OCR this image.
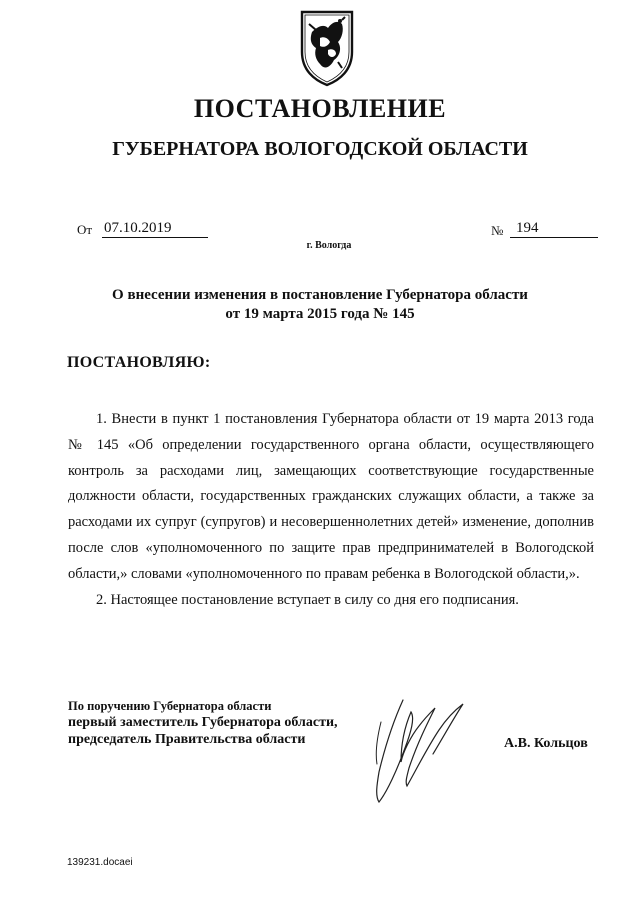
ПОСТАНОВЛЕНИЕ
ГУБЕРНАТОРА ВОЛОГОДСКОЙ ОБЛАСТИ
От 07.10.2019	№ 194
г. Вологда
О внесении изменения в постановление Губернатора области
от 19 марта 2015 года № 145
ПОСТАНОВЛЯЮ:

1. Внести в пункт 1 постановления Губернатора области от 19 марта 2013 года № 145 «Об определении государственного органа области, осуществляющего контроль за расходами лиц, замещающих соответствующие государственные должности области, государственных гражданских служащих области, а также за расходами их супруг (супругов) и несовершеннолетних детей» изменение, дополнив после слов «уполномоченного по защите прав предпринимателей в Вологодской области,» словами «уполномоченного по правам ребенка в Вологодской области,».

2. Настоящее постановление вступает в силу со дня его подписания.

По поручению Губернатора области
первый заместитель Губернатора области,
председатель Правительства области	А.В. Кольцов
139231.docaei
